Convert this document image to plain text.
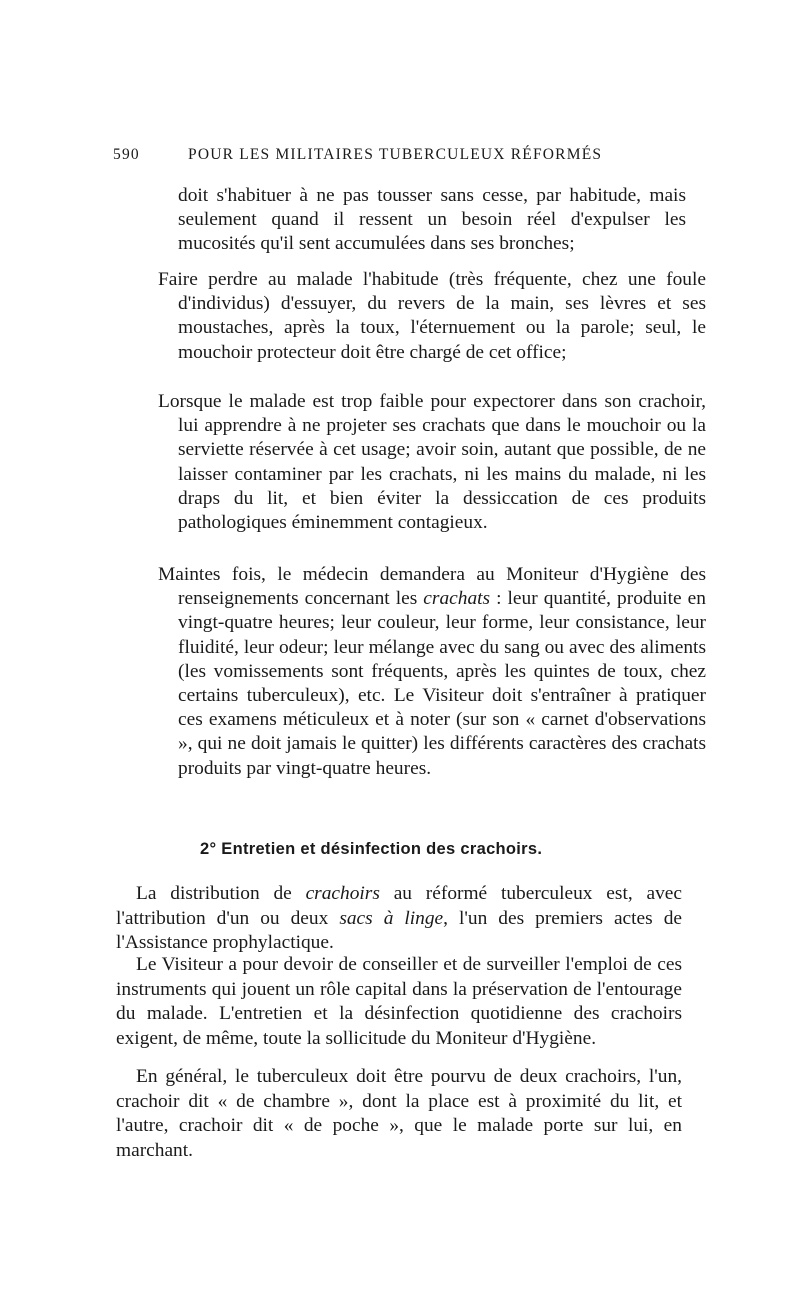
590	POUR LES MILITAIRES TUBERCULEUX RÉFORMÉS

doit s'habituer à ne pas tousser sans cesse, par habitude, mais seulement quand il ressent un besoin réel d'expulser les mucosités qu'il sent accumulées dans ses bronches;

Faire perdre au malade l'habitude (très fréquente, chez une foule d'individus) d'essuyer, du revers de la main, ses lèvres et ses moustaches, après la toux, l'éternuement ou la parole; seul, le mouchoir protecteur doit être chargé de cet office;

Lorsque le malade est trop faible pour expectorer dans son crachoir, lui apprendre à ne projeter ses crachats que dans le mouchoir ou la serviette réservée à cet usage; avoir soin, autant que possible, de ne laisser contaminer par les crachats, ni les mains du malade, ni les draps du lit, et bien éviter la dessiccation de ces produits pathologiques éminemment contagieux.

Maintes fois, le médecin demandera au Moniteur d'Hygiène des renseignements concernant les crachats : leur quantité, produite en vingt-quatre heures; leur couleur, leur forme, leur consistance, leur fluidité, leur odeur; leur mélange avec du sang ou avec des aliments (les vomissements sont fréquents, après les quintes de toux, chez certains tuberculeux), etc. Le Visiteur doit s'entraîner à pratiquer ces examens méticuleux et à noter (sur son « carnet d'observations », qui ne doit jamais le quitter) les différents caractères des crachats produits par vingt-quatre heures.

2° Entretien et désinfection des crachoirs.

La distribution de crachoirs au réformé tuberculeux est, avec l'attribution d'un ou deux sacs à linge, l'un des premiers actes de l'Assistance prophylactique.

Le Visiteur a pour devoir de conseiller et de surveiller l'emploi de ces instruments qui jouent un rôle capital dans la préservation de l'entourage du malade. L'entretien et la désinfection quotidienne des crachoirs exigent, de même, toute la sollicitude du Moniteur d'Hygiène.

En général, le tuberculeux doit être pourvu de deux crachoirs, l'un, crachoir dit « de chambre », dont la place est à proximité du lit, et l'autre, crachoir dit « de poche », que le malade porte sur lui, en marchant.
